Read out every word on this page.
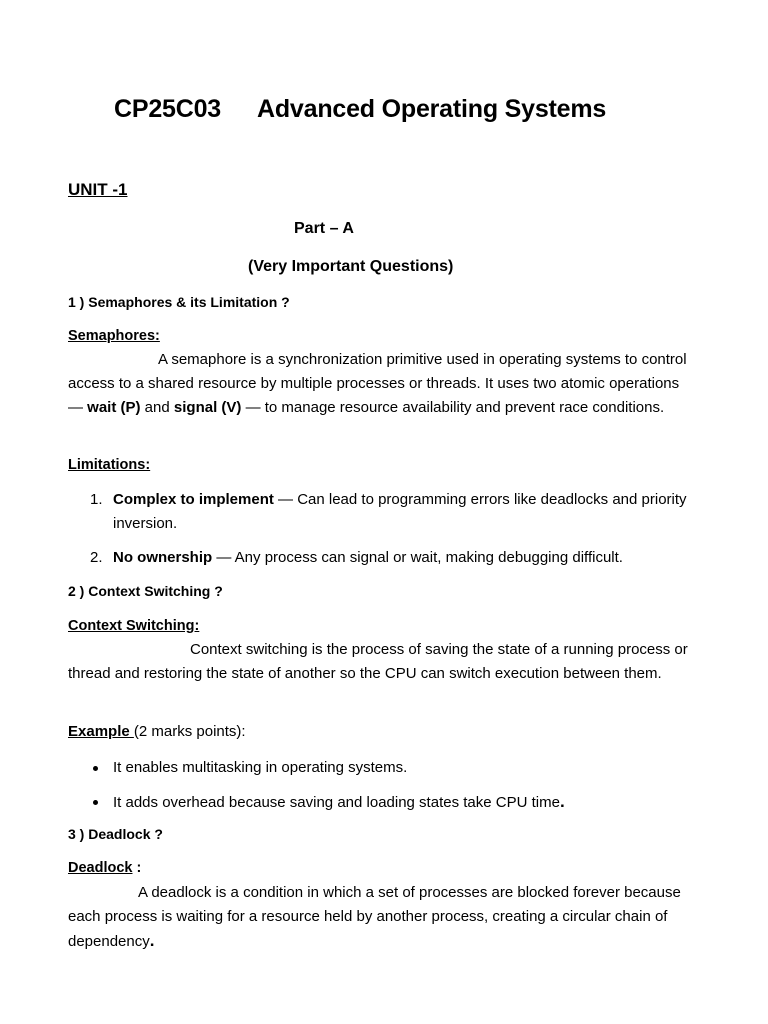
CP25C03 Advanced Operating Systems
UNIT -1
Part – A
(Very Important Questions)
1 ) Semaphores & its Limitation ?
Semaphores:
A semaphore is a synchronization primitive used in operating systems to control access to a shared resource by multiple processes or threads. It uses two atomic operations — wait (P) and signal (V) — to manage resource availability and prevent race conditions.
Limitations:
1. Complex to implement — Can lead to programming errors like deadlocks and priority inversion.
2. No ownership — Any process can signal or wait, making debugging difficult.
2 ) Context Switching ?
Context Switching:
Context switching is the process of saving the state of a running process or thread and restoring the state of another so the CPU can switch execution between them.
Example (2 marks points):
It enables multitasking in operating systems.
It adds overhead because saving and loading states take CPU time.
3 ) Deadlock ?
Deadlock :
A deadlock is a condition in which a set of processes are blocked forever because each process is waiting for a resource held by another process, creating a circular chain of dependency.
